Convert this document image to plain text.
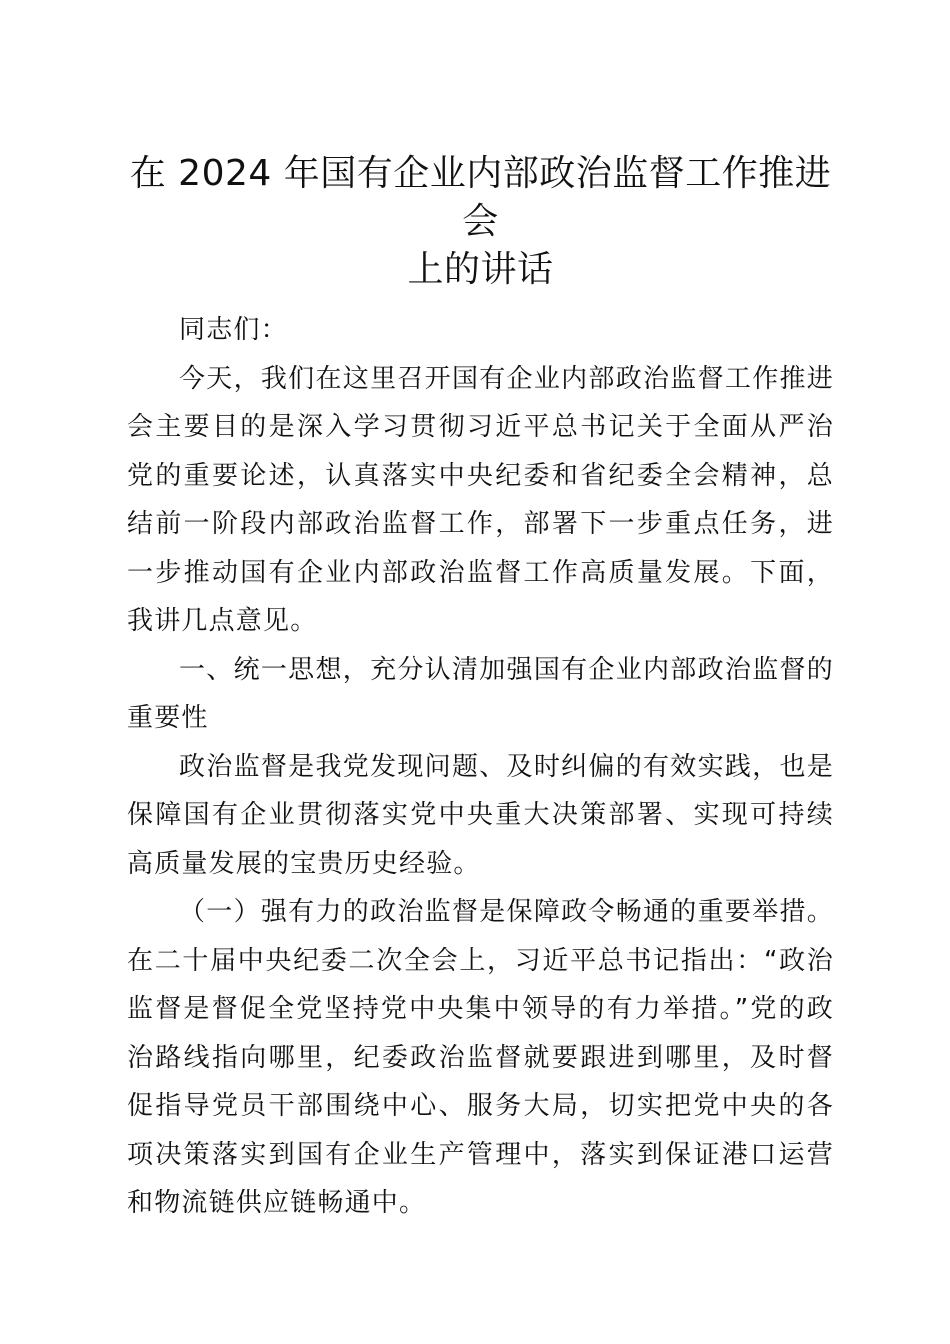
在 2024 年国有企业内部政治监督工作推进会
上的讲话

同志们：

今天，我们在这里召开国有企业内部政治监督工作推进会主要目的是深入学习贯彻习近平总书记关于全面从严治党的重要论述，认真落实中央纪委和省纪委全会精神，总结前一阶段内部政治监督工作，部署下一步重点任务，进一步推动国有企业内部政治监督工作高质量发展。下面，我讲几点意见。

一、统一思想，充分认清加强国有企业内部政治监督的重要性

政治监督是我党发现问题、及时纠偏的有效实践，也是保障国有企业贯彻落实党中央重大决策部署、实现可持续高质量发展的宝贵历史经验。

（一）强有力的政治监督是保障政令畅通的重要举措。在二十届中央纪委二次全会上，习近平总书记指出：“政治监督是督促全党坚持党中央集中领导的有力举措。”党的政治路线指向哪里，纪委政治监督就要跟进到哪里，及时督促指导党员干部围绕中心、服务大局，切实把党中央的各项决策落实到国有企业生产管理中，落实到保证港口运营和物流链供应链畅通中。
